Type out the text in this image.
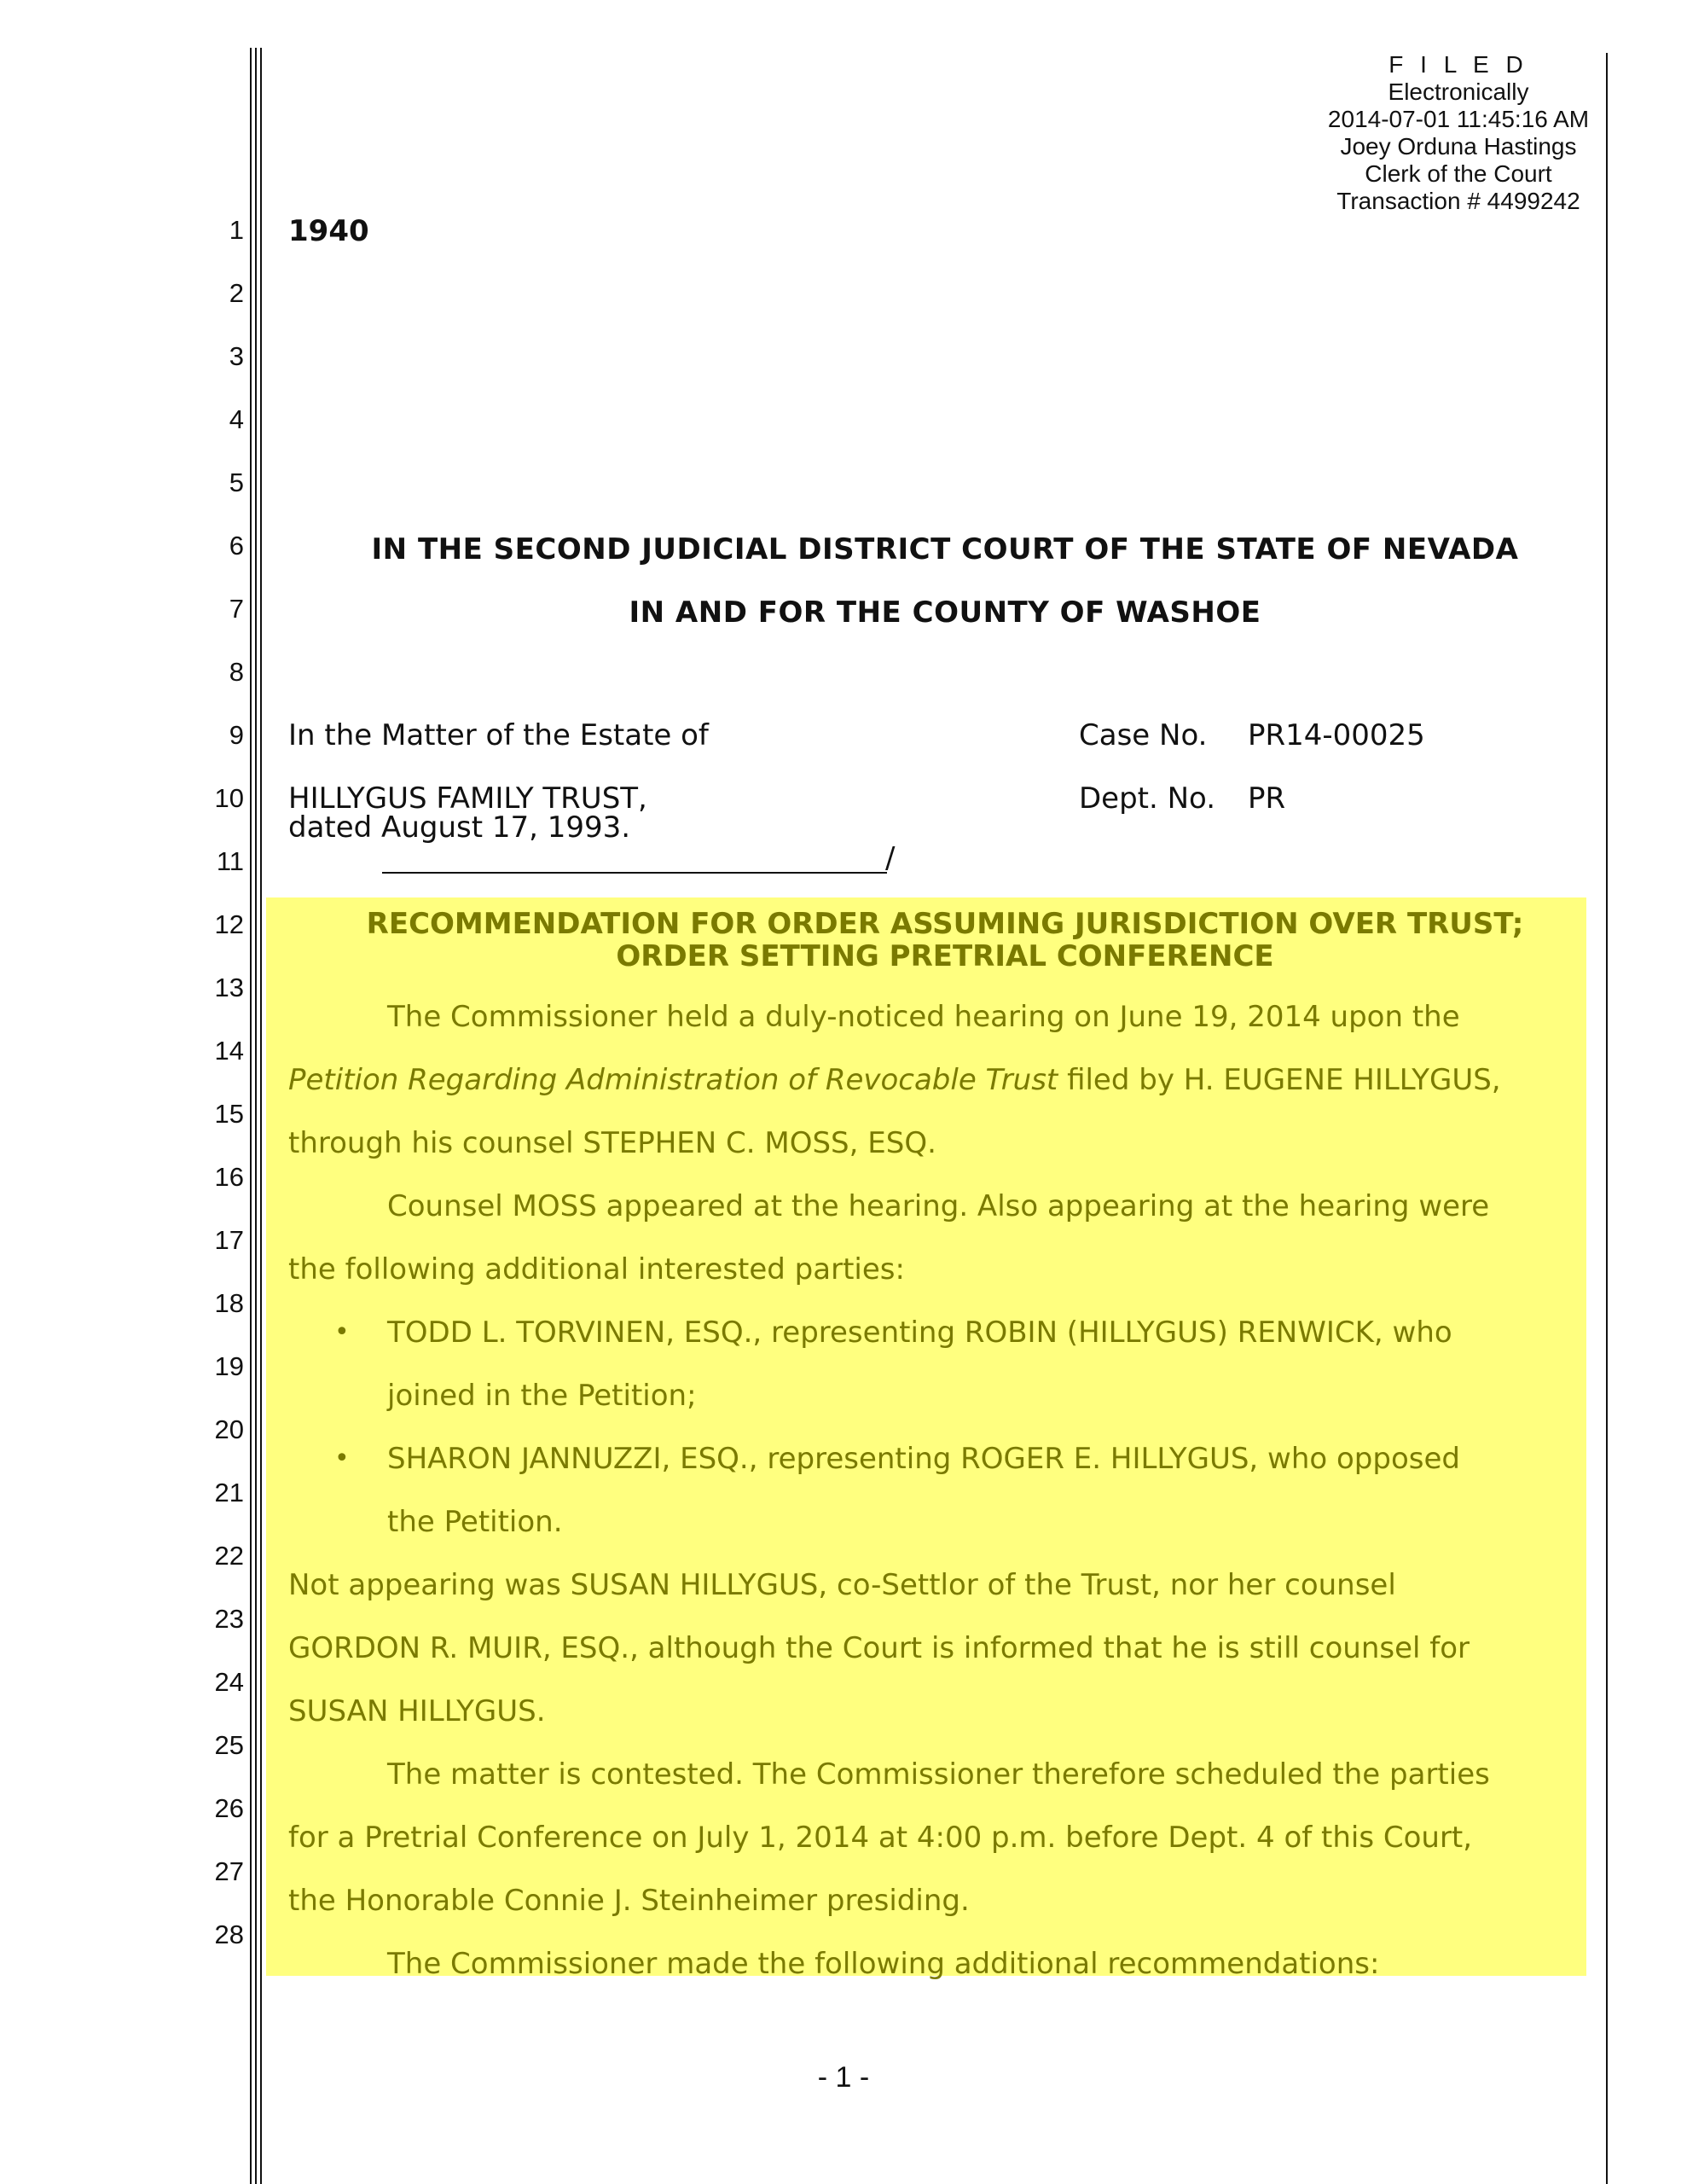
F I L E D
Electronically
2014-07-01 11:45:16 AM
Joey Orduna Hastings
Clerk of the Court
Transaction # 4499242
1
2
3
4
5
6
7
8
9
10
11
12
13
14
15
16
17
18
19
20
21
22
23
24
25
26
27
28
1940
IN THE SECOND JUDICIAL DISTRICT COURT OF THE STATE OF NEVADA
IN AND FOR THE COUNTY OF WASHOE
In the Matter of the Estate of
HILLYGUS FAMILY TRUST,
dated August 17, 1993.
/
Case No. PR14-00025
Dept. No. PR
RECOMMENDATION FOR ORDER ASSUMING JURISDICTION OVER TRUST;
ORDER SETTING PRETRIAL CONFERENCE
The Commissioner held a duly-noticed hearing on June 19, 2014 upon the
Petition Regarding Administration of Revocable Trust filed by H. EUGENE HILLYGUS,
through his counsel STEPHEN C. MOSS, ESQ.
Counsel MOSS appeared at the hearing. Also appearing at the hearing were
the following additional interested parties:
• TODD L. TORVINEN, ESQ., representing ROBIN (HILLYGUS) RENWICK, who
joined in the Petition;
• SHARON JANNUZZI, ESQ., representing ROGER E. HILLYGUS, who opposed
the Petition.
Not appearing was SUSAN HILLYGUS, co-Settlor of the Trust, nor her counsel
GORDON R. MUIR, ESQ., although the Court is informed that he is still counsel for
SUSAN HILLYGUS.
The matter is contested. The Commissioner therefore scheduled the parties
for a Pretrial Conference on July 1, 2014 at 4:00 p.m. before Dept. 4 of this Court,
the Honorable Connie J. Steinheimer presiding.
The Commissioner made the following additional recommendations:
- 1 -
